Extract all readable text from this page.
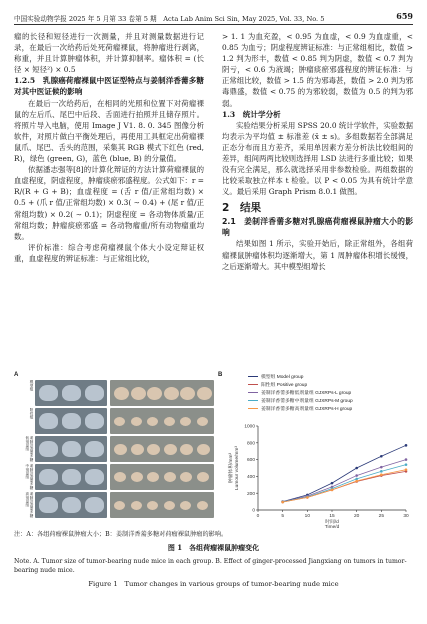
中国实验动物学报 2025 年 5 月第 33 卷第 5 期　 Acta Lab Anim Sci Sin, May 2025, Vol. 33, No. 5	659

瘤的长径和短径进行一次测量，并且对测量数据进行记录，在最后一次给药后处死荷瘤裸鼠，将肿瘤进行剥离，称重，并且计算肿瘤体积，并计算抑制率。瘤体积 = (长径 × 短径²) × 0.5

1.2.5　乳腺癌荷瘤裸鼠中医证型特点与姜制洋香薷多糖对其中医证候的影响

在最后一次给药后，在相同的光照和位置下对荷瘤裸鼠的左后爪、尾巴中后段、舌面进行拍照并且储存照片。将照片导入电脑，使用 Image J V1. 8. 0. 345 图像分析软件，对照片做白平衡处理后，再使用工具框定出荷瘤裸鼠爪、尾巴、舌头的范围，采集其 RGB 模式下红色 (red, R)，绿色 (green, G)，蓝色 (blue, B) 的分量值。

依据潘志强等[8]的计算化辩证的方法计算荷瘤裸鼠的血虚程度，阴虚程度，肿瘤痰瘀邪盛程度。公式如下：r = R/(R + G + B)；血虚程度 = (舌 r 值/正常组均数) × 0.5 + (爪 r 值/正常组均数) × 0.3( ∼ 0.4) + (尾 r 值/正常组均数) × 0.2( ∼ 0.1)；阴虚程度 = 各动物体质量/正常组均数；肿瘤痰瘀邪盛 = 各动物瘤重/所有动物瘤重均数。

评价标准：综合考虑荷瘤裸鼠个体大小设定辩证权重，血虚程度的辨证标准：与正常组比较，

> 1. 1 为血充盈，< 0.95 为血虚，< 0.9 为血虚重，< 0.85 为血亏；阴虚程度辨证标准：与正常组相比，数值 > 1.2 判为形丰，数值 < 0.85 判为阴虚，数值 < 0.7 判为阴亏，< 0.6 为液竭；肿瘤痰瘀邪盛程度的辨证标准：与正常组比较，数值 > 1.5 的为邪毒甚，数值 > 2.0 判为邪毒鼎盛，数值 < 0.75 的为邪较弱，数值为 0.5 的判为邪弱。

1.3　统计学分析

实验结果分析采用 SPSS 20.0 统计学软件，实验数据均表示为平均值 ± 标准差 (x̄ ± s)。多组数据若全部满足正态分布而且方差齐，采用单因素方差分析法比较组间的差异，组间两两比较则选择用 LSD 法进行多重比较；如果没有完全满足，那么就选择采用非参数检验。两组数据的比较采取独立样本 t 检验。以 P < 0.05 为具有统计学意义。最后采用 Graph Prism 8.0.1 做图。

2　结果

2.1　姜制洋香薷多糖对乳腺癌荷瘤裸鼠肿瘤大小的影响

结果如图 1 所示，实验开始后，除正常组外，各组荷瘤裸鼠肿瘤体积均逐渐增大，第 1 周肿瘤体积增长缓慢，之后逐渐增大。其中模型组增长

A
模型组
阳性组
姜制洋香薷多糖低剂量组
姜制洋香薷多糖中剂量组
姜制洋香薷多糖高剂量组
B	模型组 Model group
阳性组 Positive group
姜制洋香薷多糖低剂量组 GJXRPs-L group
姜制洋香薷多糖中剂量组 GJXRPs-M group
姜制洋香薷多糖高剂量组 GJXRPs-H group
0
200
400
600
800
1000
0	5	10	15	20	25	30
时间/d
Time/d
肿瘤体积/mm³ Lumour volume/mm³
注：A：各组荷瘤裸鼠肿瘤大小；B：姜制洋香薷多糖对荷瘤裸鼠肿瘤的影响。
图 1　各组荷瘤裸鼠肿瘤变化
Note. A. Tumor size of tumor-bearing nude mice in each group. B. Effect of ginger-processed Jiangxiang on tumors in tumor-bearing nude mice.
Figure 1　Tumor changes in various groups of tumor-bearing nude mice
